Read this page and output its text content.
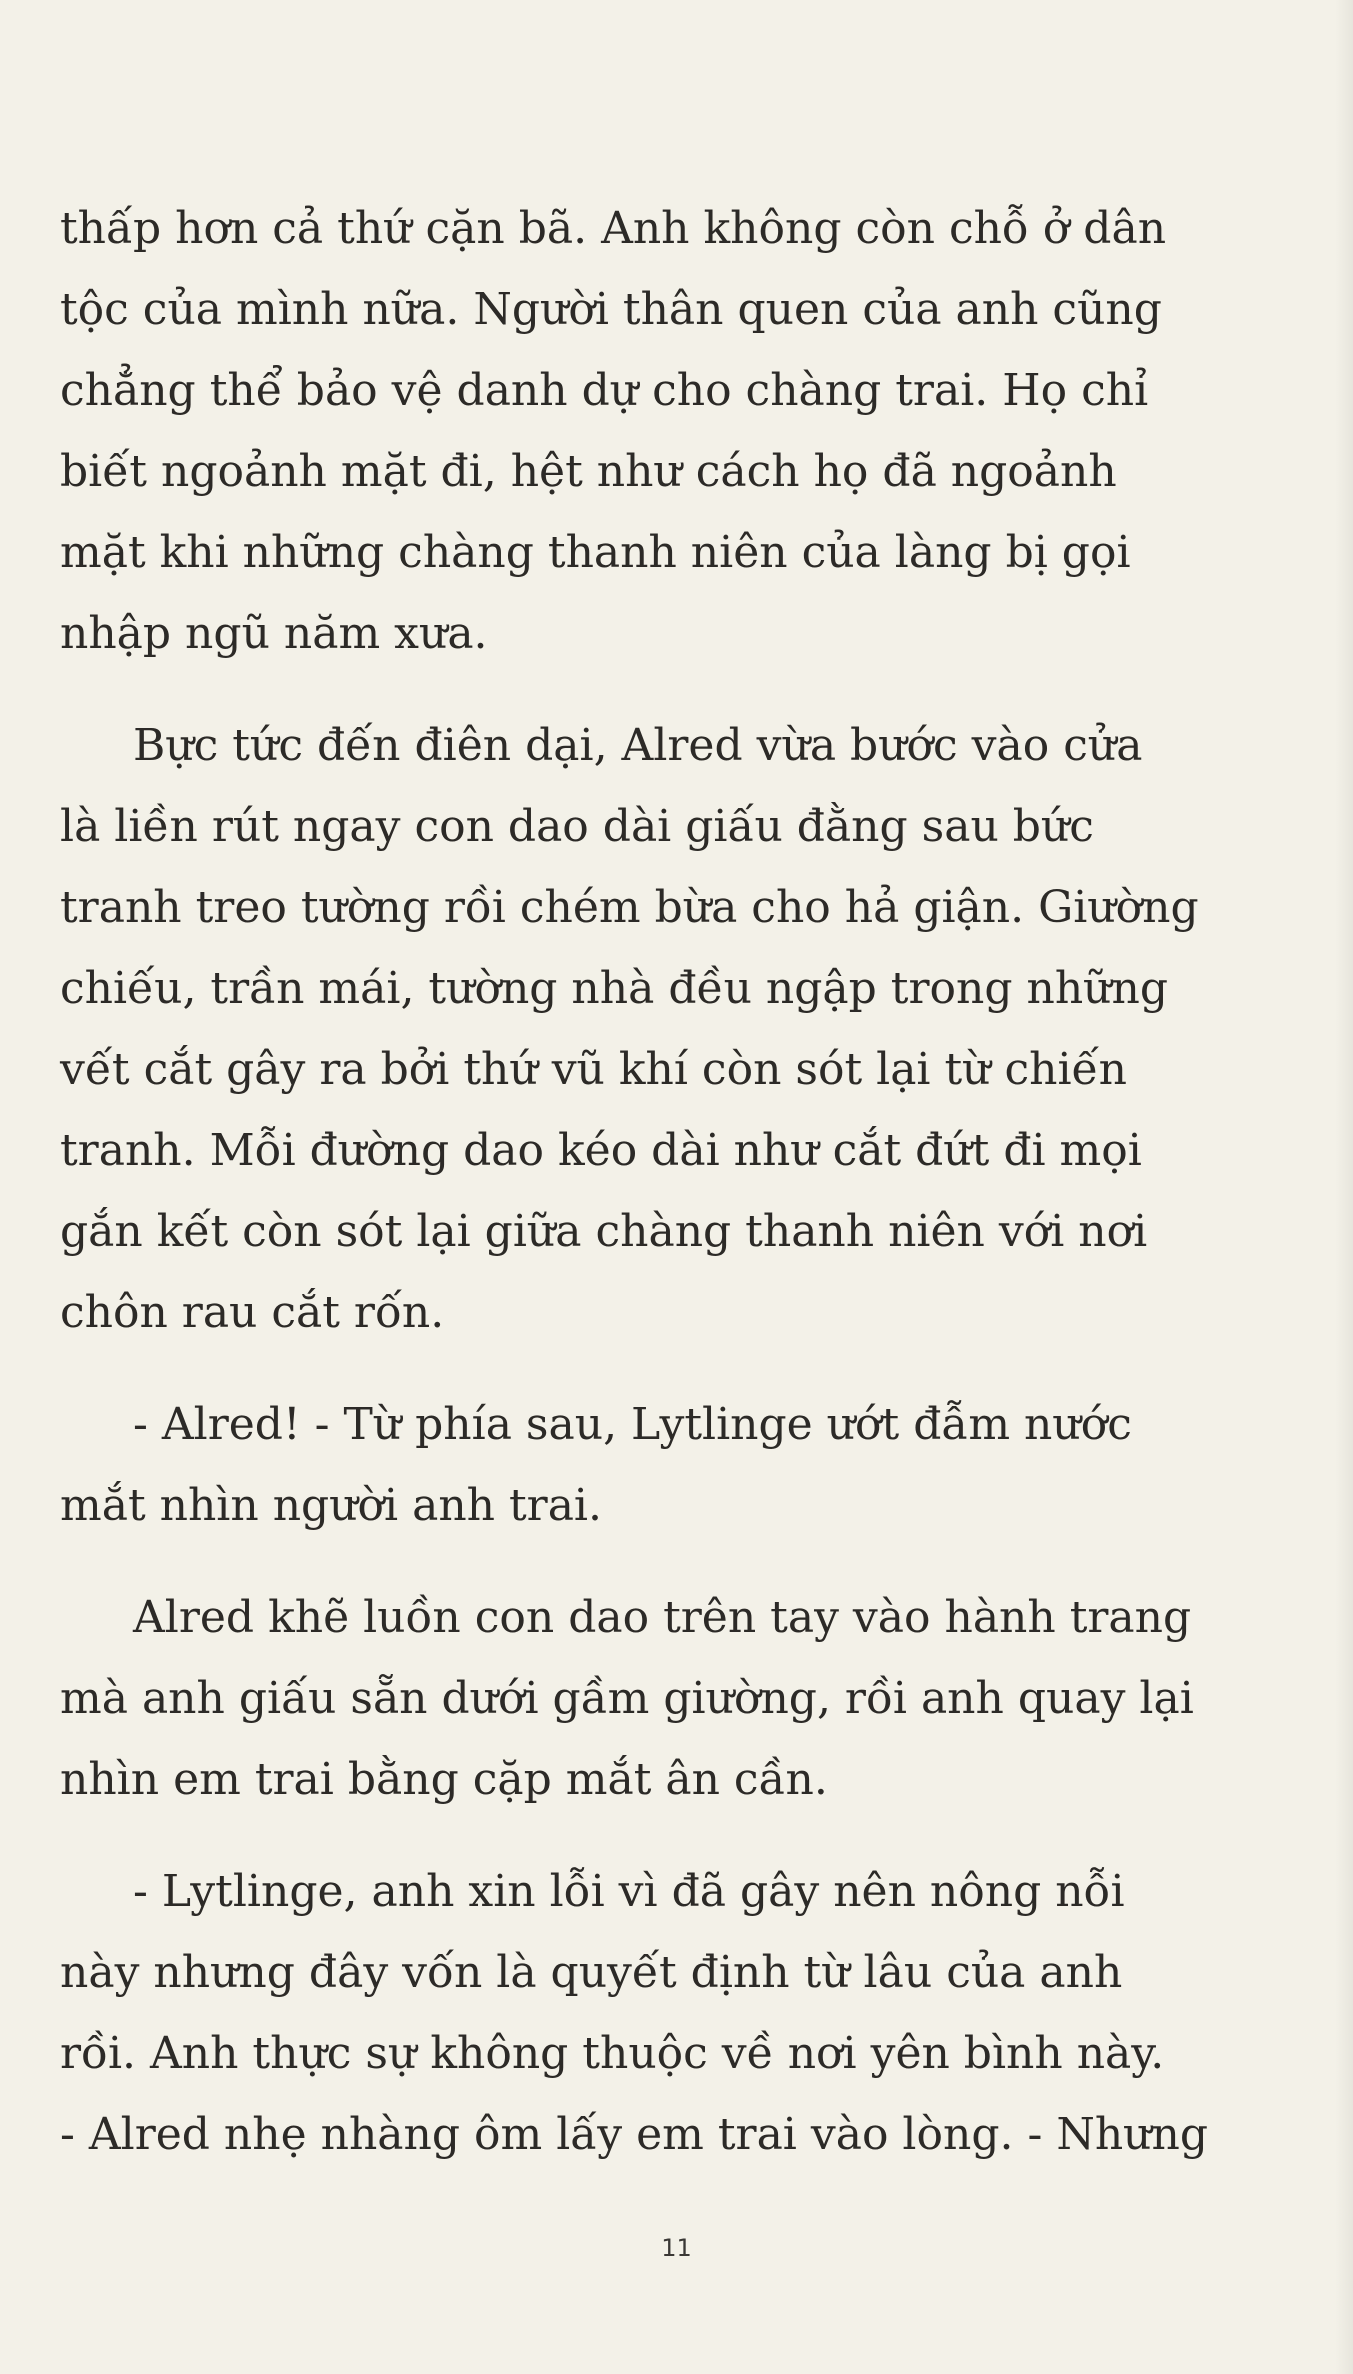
thấp hơn cả thứ cặn bã. Anh không còn chỗ ở dân
tộc của mình nữa. Người thân quen của anh cũng
chẳng thể bảo vệ danh dự cho chàng trai. Họ chỉ
biết ngoảnh mặt đi, hệt như cách họ đã ngoảnh
mặt khi những chàng thanh niên của làng bị gọi
nhập ngũ năm xưa.
Bực tức đến điên dại, Alred vừa bước vào cửa
là liền rút ngay con dao dài giấu đằng sau bức
tranh treo tường rồi chém bừa cho hả giận. Giường
chiếu, trần mái, tường nhà đều ngập trong những
vết cắt gây ra bởi thứ vũ khí còn sót lại từ chiến
tranh. Mỗi đường dao kéo dài như cắt đứt đi mọi
gắn kết còn sót lại giữa chàng thanh niên với nơi
chôn rau cắt rốn.
- Alred! - Từ phía sau, Lytlinge ướt đẫm nước
mắt nhìn người anh trai.
Alred khẽ luồn con dao trên tay vào hành trang
mà anh giấu sẵn dưới gầm giường, rồi anh quay lại
nhìn em trai bằng cặp mắt ân cần.
- Lytlinge, anh xin lỗi vì đã gây nên nông nỗi
này nhưng đây vốn là quyết định từ lâu của anh
rồi. Anh thực sự không thuộc về nơi yên bình này.
- Alred nhẹ nhàng ôm lấy em trai vào lòng. - Nhưng
11
